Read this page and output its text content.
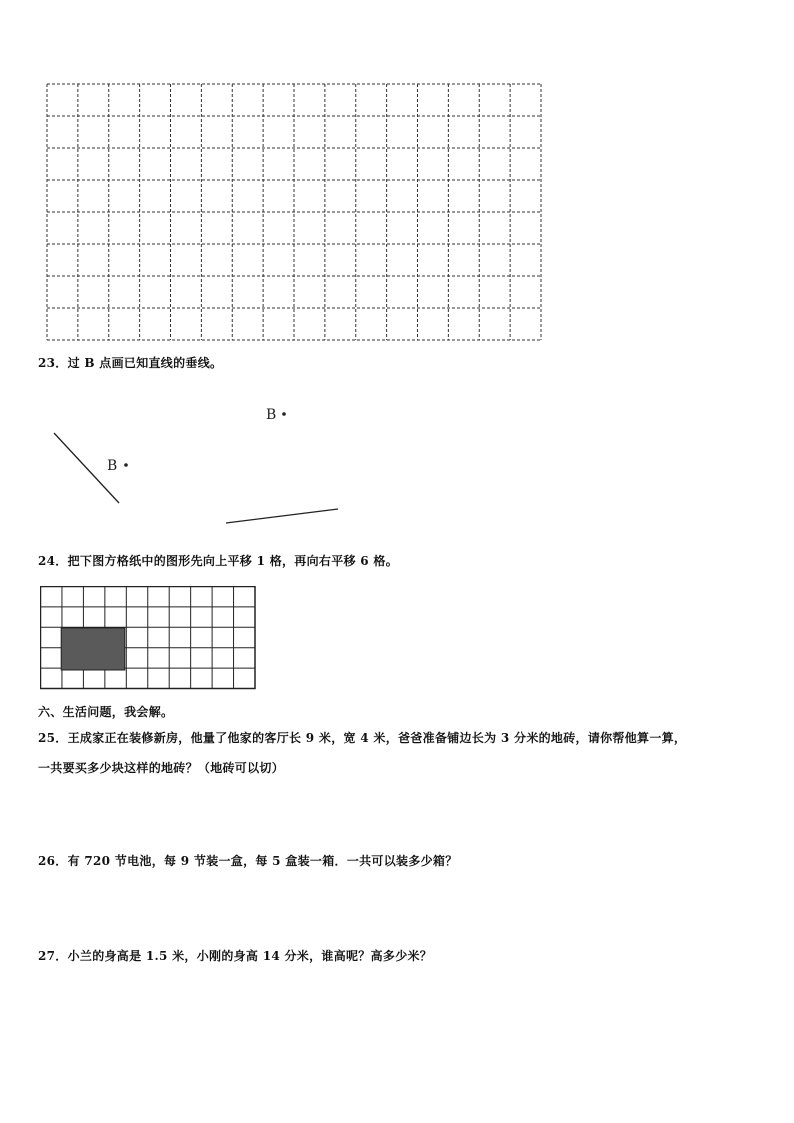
23．过 B 点画已知直线的垂线。
B
B
24．把下图方格纸中的图形先向上平移 1 格，再向右平移 6 格。
六、生活问题，我会解。
25．王成家正在装修新房，他量了他家的客厅长 9 米，宽 4 米，爸爸准备铺边长为 3 分米的地砖，请你帮他算一算，
一共要买多少块这样的地砖？（地砖可以切）
26．有 720 节电池，每 9 节装一盒，每 5 盒装一箱．一共可以装多少箱？
27．小兰的身高是 1.5 米，小刚的身高 14 分米，谁高呢？高多少米？
